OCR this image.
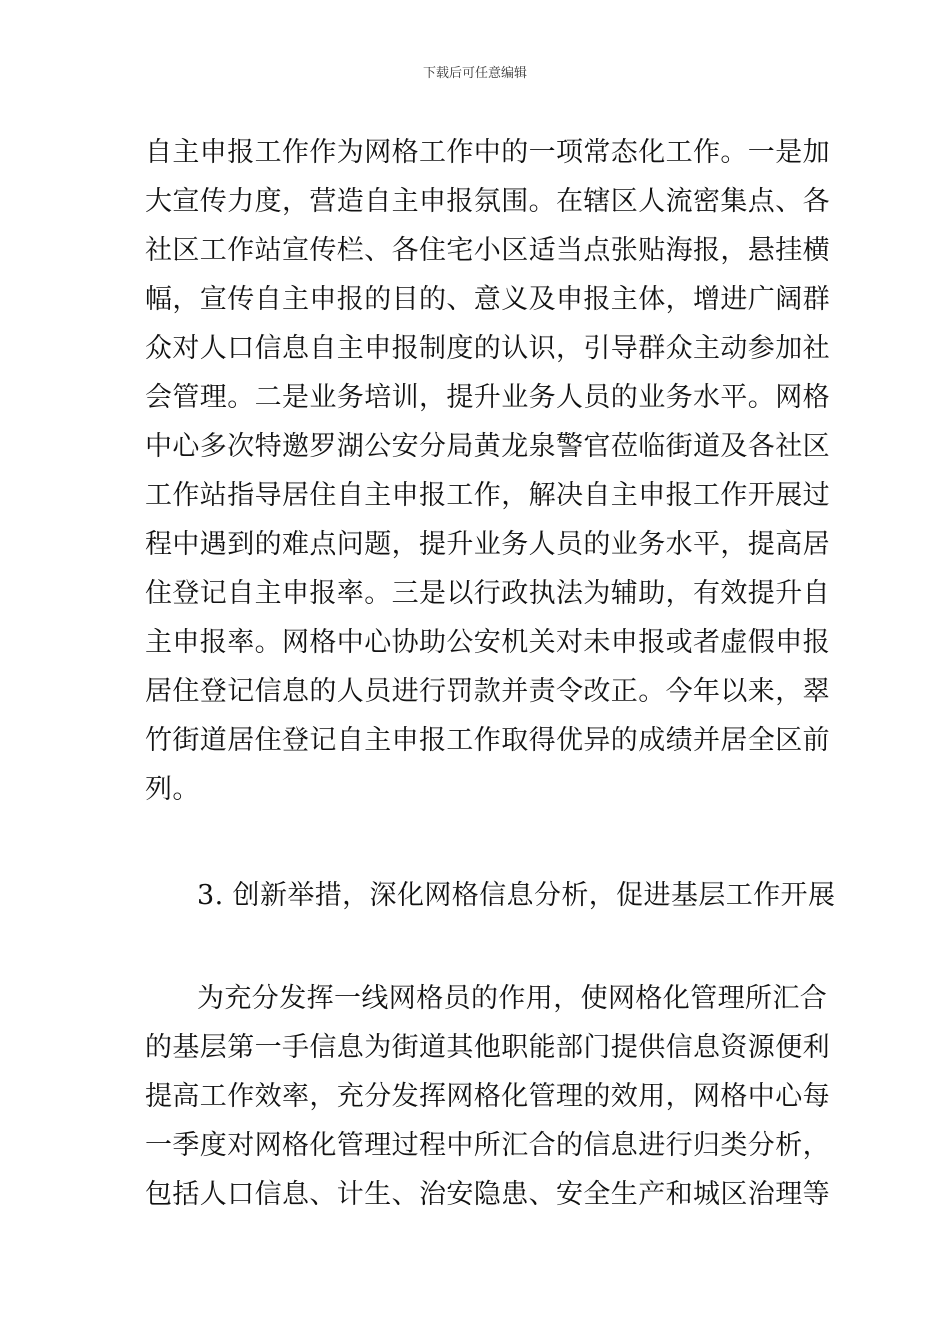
下载后可任意编辑
自主申报工作作为网格工作中的一项常态化工作。一是加
大宣传力度，营造自主申报氛围。在辖区人流密集点、各
社区工作站宣传栏、各住宅小区适当点张贴海报，悬挂横
幅，宣传自主申报的目的、意义及申报主体，增进广阔群
众对人口信息自主申报制度的认识，引导群众主动参加社
会管理。二是业务培训，提升业务人员的业务水平。网格
中心多次特邀罗湖公安分局黄龙泉警官莅临街道及各社区
工作站指导居住自主申报工作，解决自主申报工作开展过
程中遇到的难点问题，提升业务人员的业务水平，提高居
住登记自主申报率。三是以行政执法为辅助，有效提升自
主申报率。网格中心协助公安机关对未申报或者虚假申报
居住登记信息的人员进行罚款并责令改正。今年以来，翠
竹街道居住登记自主申报工作取得优异的成绩并居全区前
列。
3. 创新举措，深化网格信息分析，促进基层工作开展
为充分发挥一线网格员的作用，使网格化管理所汇合
的基层第一手信息为街道其他职能部门提供信息资源便利
提高工作效率，充分发挥网格化管理的效用，网格中心每
一季度对网格化管理过程中所汇合的信息进行归类分析，
包括人口信息、计生、治安隐患、安全生产和城区治理等
